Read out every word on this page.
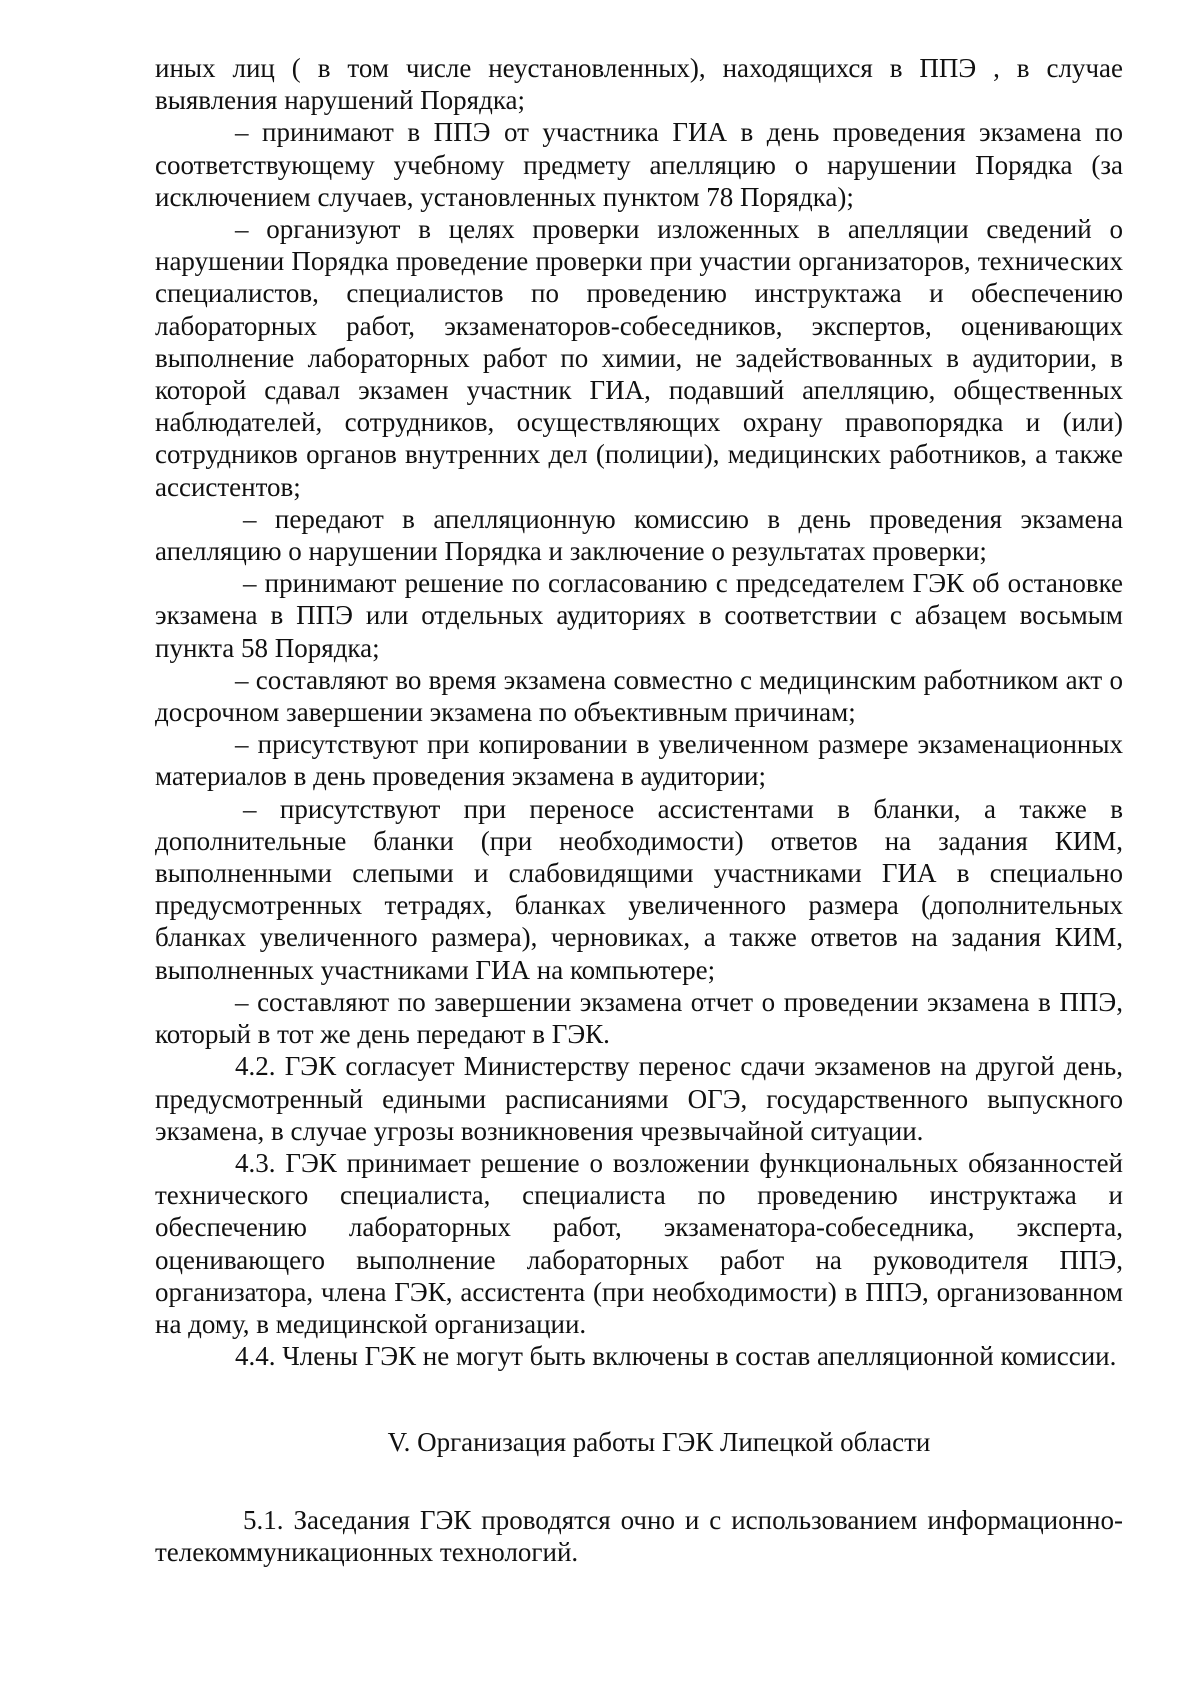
иных лиц ( в том числе неустановленных), находящихся в ППЭ , в случае выявления нарушений Порядка;

– принимают в ППЭ от участника ГИА в день проведения экзамена по соответствующему учебному предмету апелляцию о нарушении Порядка (за исключением случаев, установленных пунктом 78 Порядка);

– организуют в целях проверки изложенных в апелляции сведений о нарушении Порядка проведение проверки при участии организаторов, технических специалистов, специалистов по проведению инструктажа и обеспечению лабораторных работ, экзаменаторов-собеседников, экспертов, оценивающих выполнение лабораторных работ по химии, не задействованных в аудитории, в которой сдавал экзамен участник ГИА, подавший апелляцию, общественных наблюдателей, сотрудников, осуществляющих охрану правопорядка и (или) сотрудников органов внутренних дел (полиции), медицинских работников, а также ассистентов;

– передают в апелляционную комиссию в день проведения экзамена апелляцию о нарушении Порядка и заключение о результатах проверки;

– принимают решение по согласованию с председателем ГЭК об остановке экзамена в ППЭ или отдельных аудиториях в соответствии с абзацем восьмым пункта 58 Порядка;

– составляют во время экзамена совместно с медицинским работником акт о досрочном завершении экзамена по объективным причинам;

– присутствуют при копировании в увеличенном размере экзаменационных материалов в день проведения экзамена в аудитории;

– присутствуют при переносе ассистентами в бланки, а также в дополнительные бланки (при необходимости) ответов на задания КИМ, выполненными слепыми и слабовидящими участниками ГИА в специально предусмотренных тетрадях, бланках увеличенного размера (дополнительных бланках увеличенного размера), черновиках, а также ответов на задания КИМ, выполненных участниками ГИА на компьютере;

– составляют по завершении экзамена отчет о проведении экзамена в ППЭ, который в тот же день передают в ГЭК.

4.2. ГЭК согласует Министерству перенос сдачи экзаменов на другой день, предусмотренный едиными расписаниями ОГЭ, государственного выпускного экзамена, в случае угрозы возникновения чрезвычайной ситуации.

4.3. ГЭК принимает решение о возложении функциональных обязанностей технического специалиста, специалиста по проведению инструктажа и обеспечению лабораторных работ, экзаменатора-собеседника, эксперта, оценивающего выполнение лабораторных работ на руководителя ППЭ, организатора, члена ГЭК, ассистента (при необходимости) в ППЭ, организованном на дому, в медицинской организации.

4.4. Члены ГЭК не могут быть включены в состав апелляционной комиссии.

V. Организация работы ГЭК Липецкой области

5.1. Заседания ГЭК проводятся очно и с использованием информационно-телекоммуникационных технологий.
